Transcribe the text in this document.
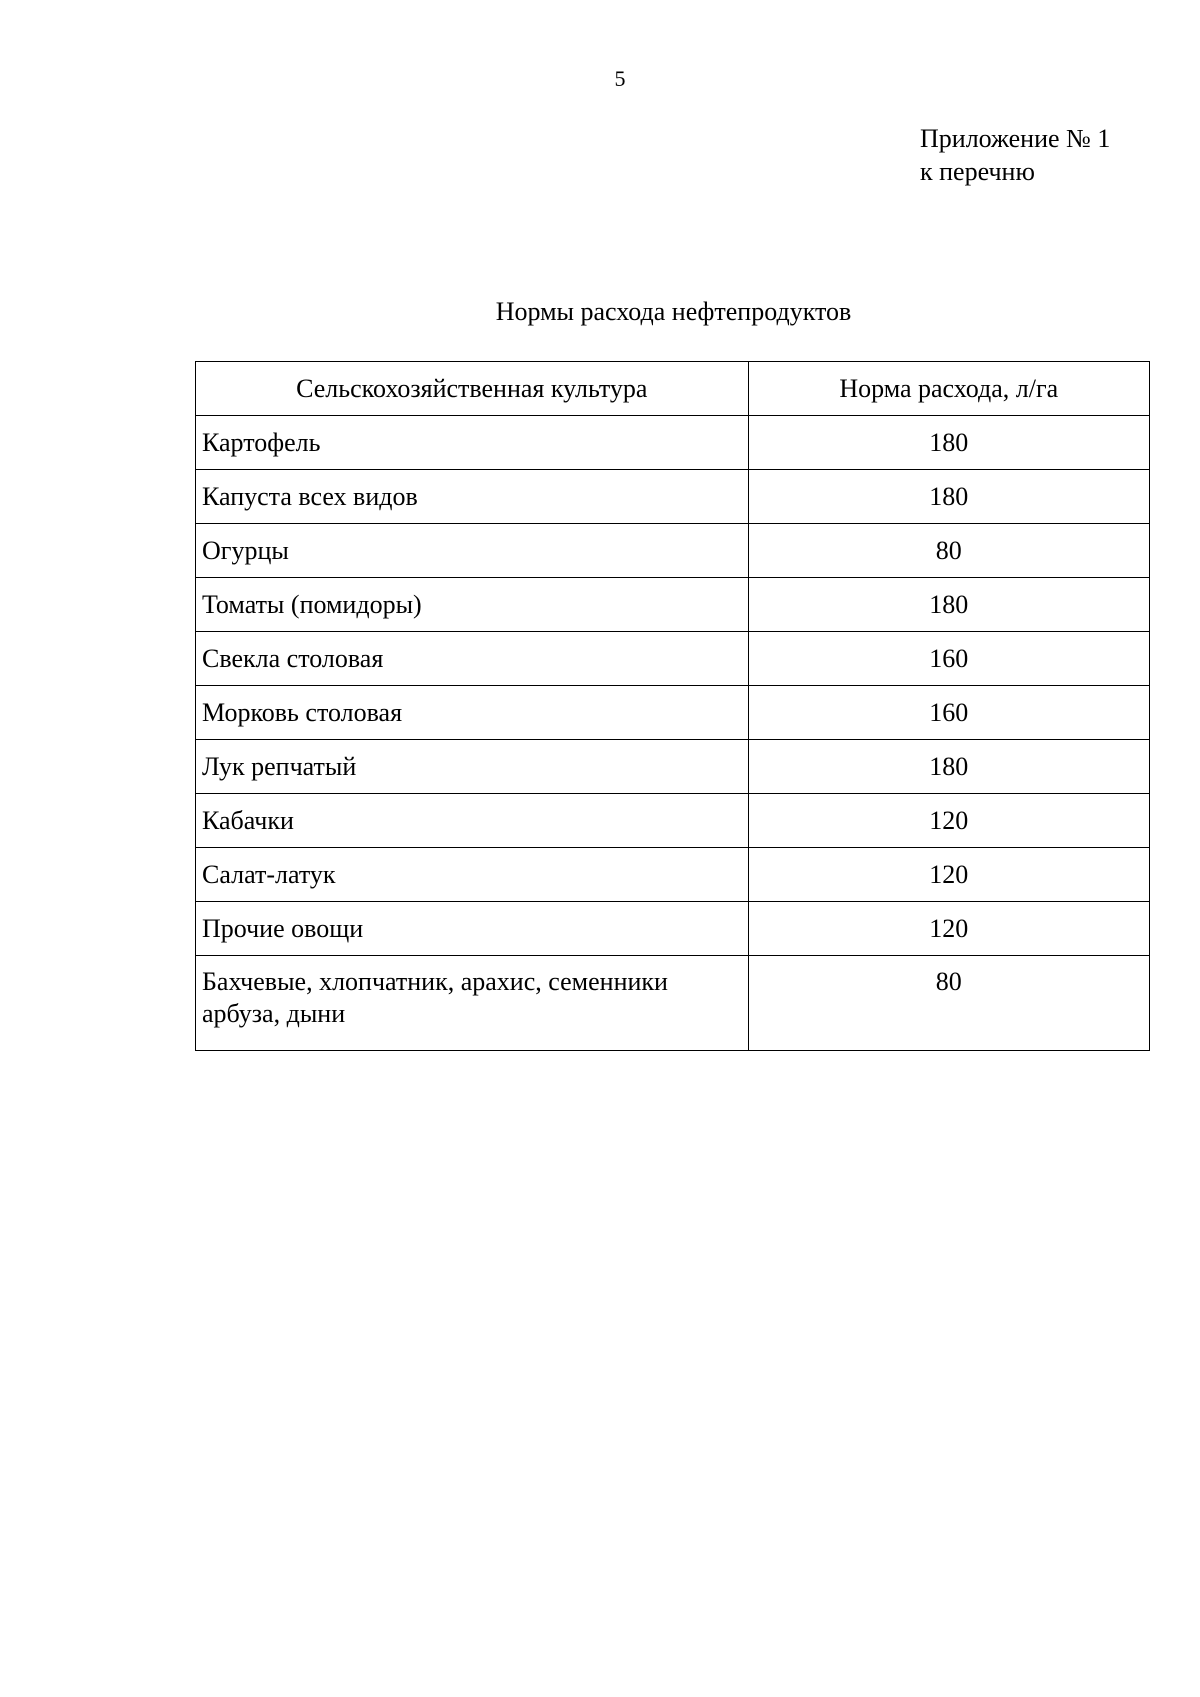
5
Приложение № 1
к перечню
Нормы расхода нефтепродуктов
Сельскохозяйственная культура	Норма расхода, л/га
Картофель	180
Капуста всех видов	180
Огурцы	80
Томаты (помидоры)	180
Свекла столовая	160
Морковь столовая	160
Лук репчатый	180
Кабачки	120
Салат-латук	120
Прочие овощи	120
Бахчевые, хлопчатник, арахис, семенники арбуза, дыни	80
